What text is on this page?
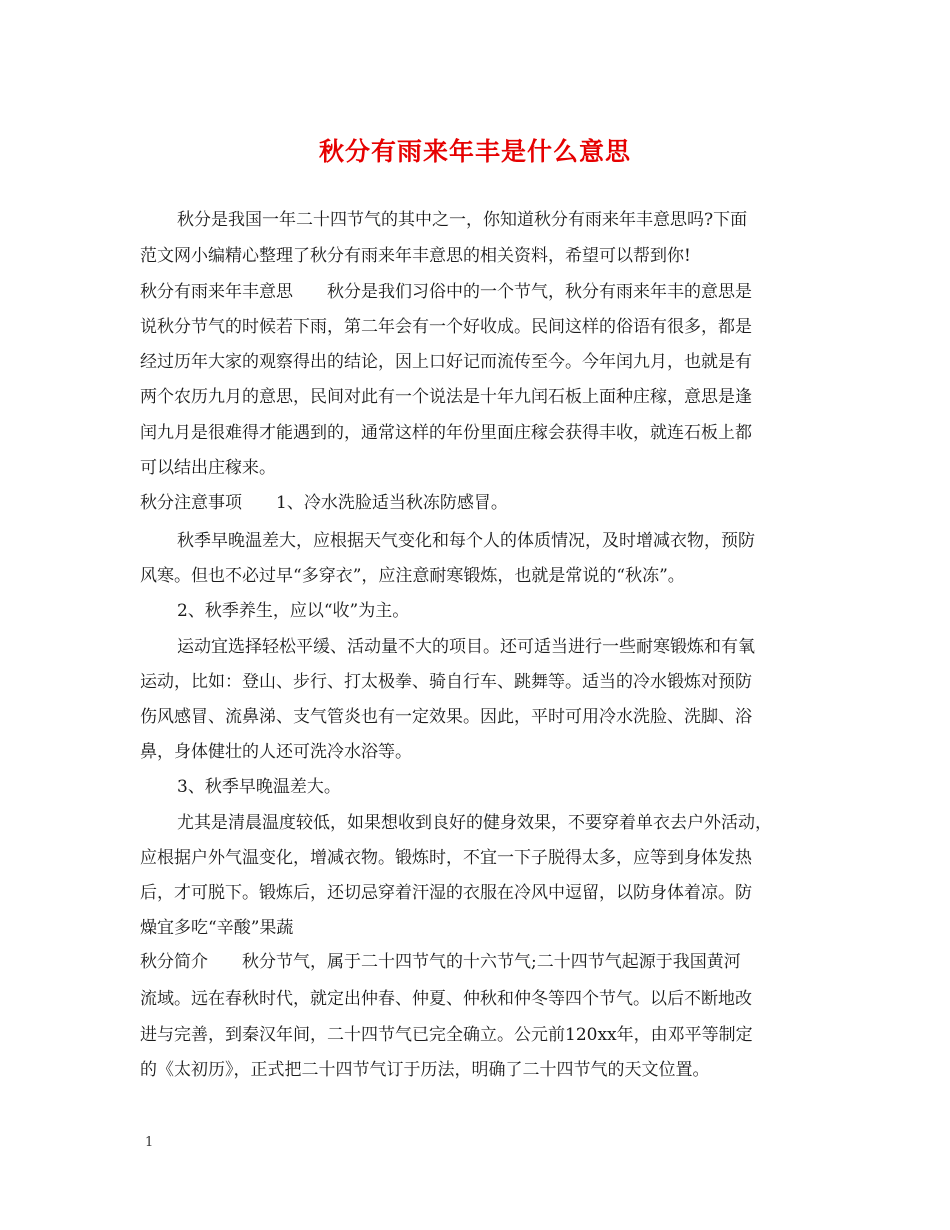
秋分有雨来年丰是什么意思
秋分是我国一年二十四节气的其中之一，你知道秋分有雨来年丰意思吗?下面
范文网小编精心整理了秋分有雨来年丰意思的相关资料，希望可以帮到你!
秋分有雨来年丰意思 秋分是我们习俗中的一个节气，秋分有雨来年丰的意思是
说秋分节气的时候若下雨，第二年会有一个好收成。民间这样的俗语有很多，都是
经过历年大家的观察得出的结论，因上口好记而流传至今。今年闰九月，也就是有
两个农历九月的意思，民间对此有一个说法是十年九闰石板上面种庄稼，意思是逢
闰九月是很难得才能遇到的，通常这样的年份里面庄稼会获得丰收，就连石板上都
可以结出庄稼来。
秋分注意事项 1、冷水洗脸适当秋冻防感冒。
秋季早晚温差大，应根据天气变化和每个人的体质情况，及时增减衣物，预防
风寒。但也不必过早“多穿衣”，应注意耐寒锻炼，也就是常说的“秋冻”。
2、秋季养生，应以“收”为主。
运动宜选择轻松平缓、活动量不大的项目。还可适当进行一些耐寒锻炼和有氧
运动，比如：登山、步行、打太极拳、骑自行车、跳舞等。适当的冷水锻炼对预防
伤风感冒、流鼻涕、支气管炎也有一定效果。因此，平时可用冷水洗脸、洗脚、浴
鼻，身体健壮的人还可洗冷水浴等。
3、秋季早晚温差大。
尤其是清晨温度较低，如果想收到良好的健身效果，不要穿着单衣去户外活动，
应根据户外气温变化，增减衣物。锻炼时，不宜一下子脱得太多，应等到身体发热
后，才可脱下。锻炼后，还切忌穿着汗湿的衣服在冷风中逗留，以防身体着凉。防
燥宜多吃“辛酸”果蔬
秋分简介 秋分节气，属于二十四节气的十六节气;二十四节气起源于我国黄河
流域。远在春秋时代，就定出仲春、仲夏、仲秋和仲冬等四个节气。以后不断地改
进与完善，到秦汉年间，二十四节气已完全确立。公元前120xx年，由邓平等制定
的《太初历》，正式把二十四节气订于历法，明确了二十四节气的天文位置。
1
